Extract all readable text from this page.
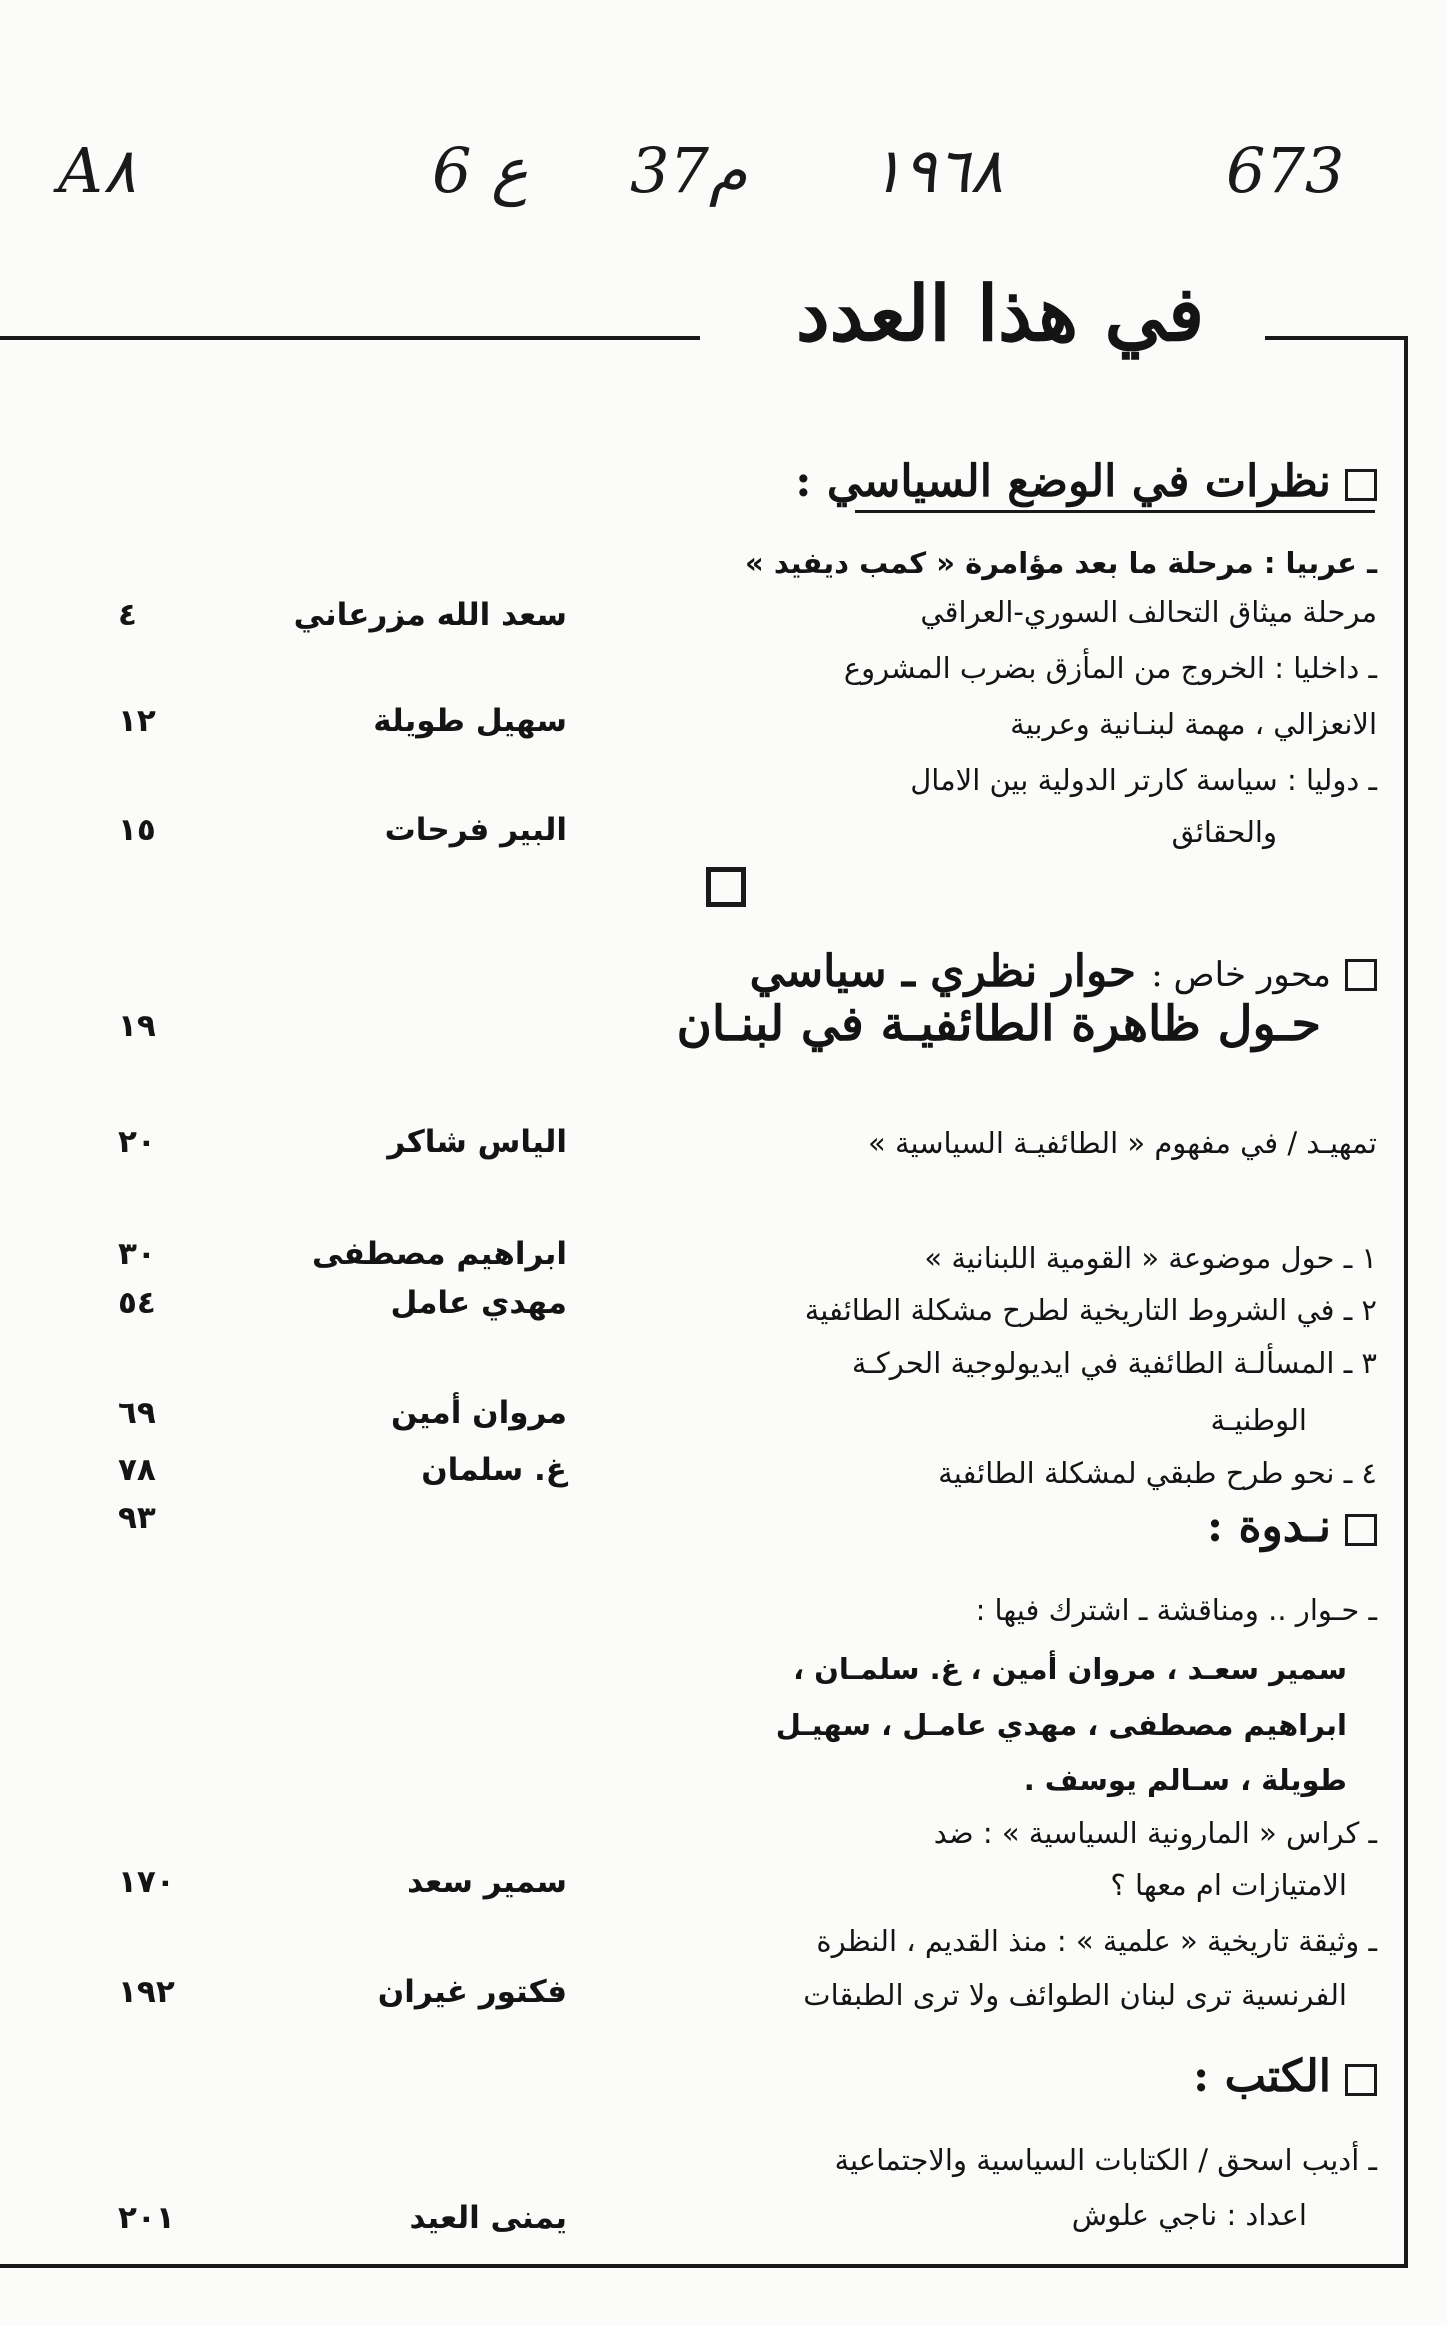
A٨	6 ع 37م ١٩٦٨	673
في هذا العدد
نظرات في الوضع السياسي :
ـ عربيا : مرحلة ما بعد مؤامرة « كمب ديفيد »
مرحلة ميثاق التحالف السوري-العراقي
ـ داخليا : الخروج من المأزق بضرب المشروع
الانعزالي ، مهمة لبنـانية وعربية
ـ دوليا : سياسة كارتر الدولية بين الامال
والحقائق
سعد الله مزرعاني
٤
سهيل طويلة
١٢
البير فرحات
١٥
محور خاص : حوار نظري ـ سياسي
حـول ظاهرة الطائفيـة في لبنـان
١٩
تمهيـد / في مفهوم « الطائفيـة السياسية »
الياس شاكر
٢٠
١ ـ حول موضوعة « القومية اللبنانية »
٢ ـ في الشروط التاريخية لطرح مشكلة الطائفية
٣ ـ المسألـة الطائفية في ايديولوجية الحركـة
الوطنيـة
٤ ـ نحو طرح طبقي لمشكلة الطائفية
ابراهيم مصطفى
٣٠
مهدي عامل
٥٤
مروان أمين
٦٩
غ. سلمان
٧٨
نـدوة :
٩٣
ـ حـوار .. ومناقشة ـ اشترك فيها :
سمير سعـد ، مروان أمين ، غ. سلمـان ،
ابراهيم مصطفى ، مهدي عامـل ، سهيـل
طويلة ، سـالم يوسف .
ـ كراس « المارونية السياسية » : ضد
الامتيازات ام معها ؟
ـ وثيقة تاريخية « علمية » : منذ القديم ، النظرة
الفرنسية ترى لبنان الطوائف ولا ترى الطبقات
سمير سعد
١٧٠
فكتور غيران
١٩٢
الكتب :
ـ أديب اسحق / الكتابات السياسية والاجتماعية
اعداد : ناجي علوش
يمنى العيد
٢٠١
